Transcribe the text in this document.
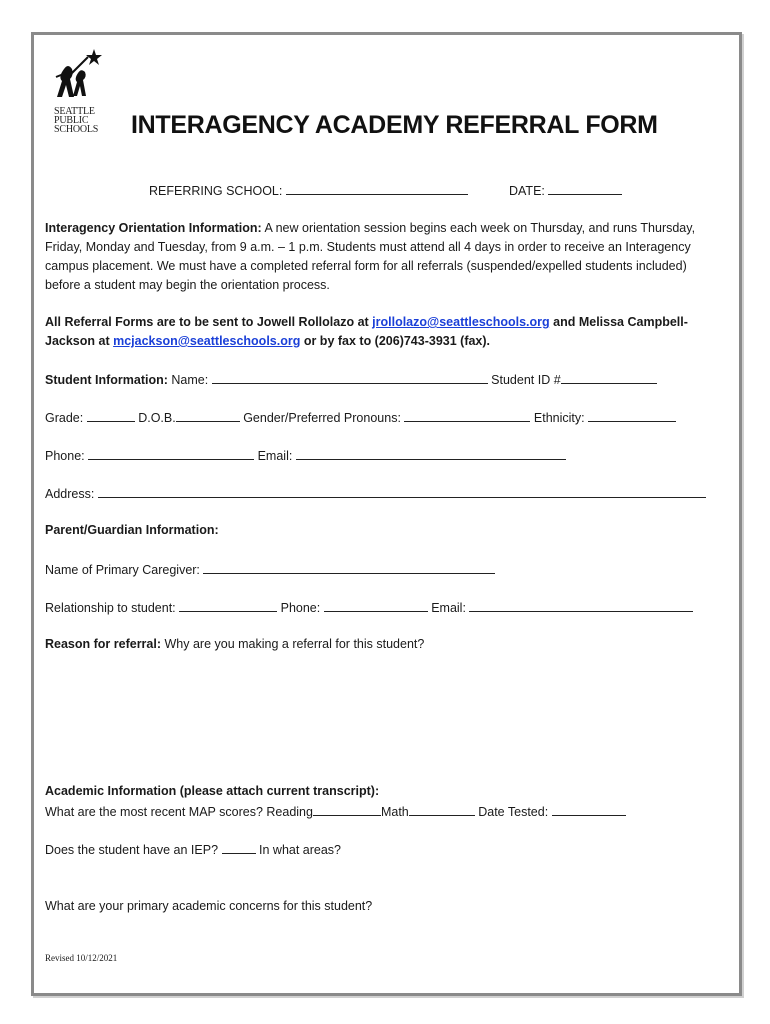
SEATTLE
PUBLIC
SCHOOLS	INTERAGENCY ACADEMY REFERRAL FORM
REFERRING SCHOOL:	DATE:
Interagency Orientation Information: A new orientation session begins each week on Thursday, and runs Thursday, Friday, Monday and Tuesday, from 9 a.m. – 1 p.m. Students must attend all 4 days in order to receive an Interagency campus placement. We must have a completed referral form for all referrals (suspended/expelled students included) before a student may begin the orientation process.
All Referral Forms are to be sent to Jowell Rollolazo at jrollolazo@seattleschools.org and Melissa Campbell-Jackson at mcjackson@seattleschools.org or by fax to (206)743-3931 (fax).
Student Information: Name:	Student ID #
Grade:	D.O.B.	Gender/Preferred Pronouns:	Ethnicity:
Phone:	Email:
Address:
Parent/Guardian Information:
Name of Primary Caregiver:
Relationship to student:	Phone:	Email:
Reason for referral: Why are you making a referral for this student?
Academic Information (please attach current transcript):
What are the most recent MAP scores? Reading	Math	Date Tested:
Does the student have an IEP?	In what areas?
What are your primary academic concerns for this student?
Revised 10/12/2021
